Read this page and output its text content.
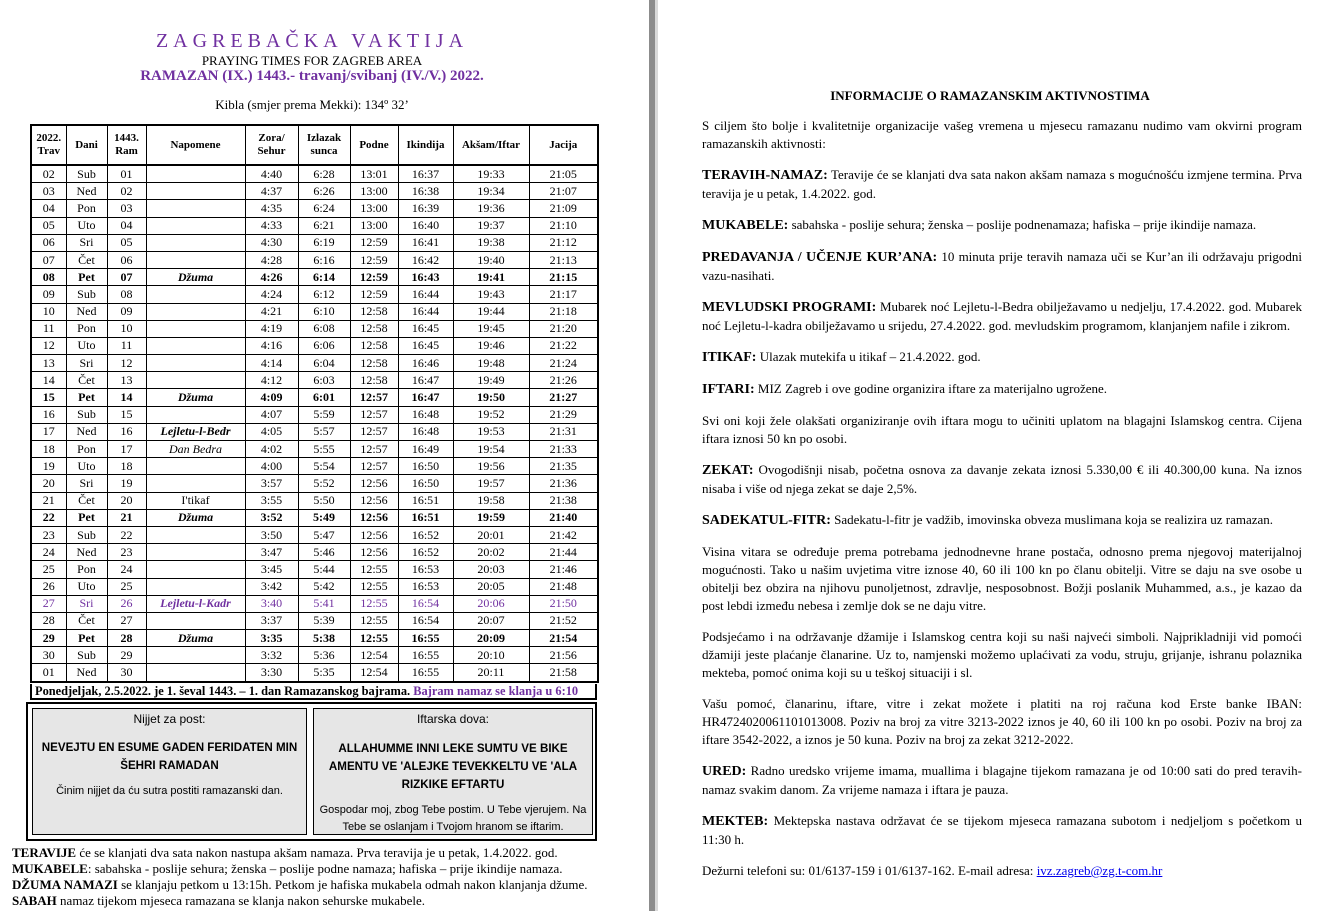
ZAGREBAČKA VAKTIJA
PRAYING TIMES FOR ZAGREB AREA
RAMAZAN (IX.) 1443.- travanj/svibanj (IV./V.) 2022.
Kibla (smjer prema Mekki): 134º 32’
2022. Trav	Dani	1443. Ram	Napomene	Zora/ Sehur	Izlazak sunca	Podne	Ikindija	Akšam/Iftar	Jacija
02	Sub	01		4:40	6:28	13:01	16:37	19:33	21:05
03	Ned	02		4:37	6:26	13:00	16:38	19:34	21:07
04	Pon	03		4:35	6:24	13:00	16:39	19:36	21:09
05	Uto	04		4:33	6:21	13:00	16:40	19:37	21:10
06	Sri	05		4:30	6:19	12:59	16:41	19:38	21:12
07	Čet	06		4:28	6:16	12:59	16:42	19:40	21:13
08	Pet	07	Džuma	4:26	6:14	12:59	16:43	19:41	21:15
09	Sub	08		4:24	6:12	12:59	16:44	19:43	21:17
10	Ned	09		4:21	6:10	12:58	16:44	19:44	21:18
11	Pon	10		4:19	6:08	12:58	16:45	19:45	21:20
12	Uto	11		4:16	6:06	12:58	16:45	19:46	21:22
13	Sri	12		4:14	6:04	12:58	16:46	19:48	21:24
14	Čet	13		4:12	6:03	12:58	16:47	19:49	21:26
15	Pet	14	Džuma	4:09	6:01	12:57	16:47	19:50	21:27
16	Sub	15		4:07	5:59	12:57	16:48	19:52	21:29
17	Ned	16	Lejletu-l-Bedr	4:05	5:57	12:57	16:48	19:53	21:31
18	Pon	17	Dan Bedra	4:02	5:55	12:57	16:49	19:54	21:33
19	Uto	18		4:00	5:54	12:57	16:50	19:56	21:35
20	Sri	19		3:57	5:52	12:56	16:50	19:57	21:36
21	Čet	20	I'tikaf	3:55	5:50	12:56	16:51	19:58	21:38
22	Pet	21	Džuma	3:52	5:49	12:56	16:51	19:59	21:40
23	Sub	22		3:50	5:47	12:56	16:52	20:01	21:42
24	Ned	23		3:47	5:46	12:56	16:52	20:02	21:44
25	Pon	24		3:45	5:44	12:55	16:53	20:03	21:46
26	Uto	25		3:42	5:42	12:55	16:53	20:05	21:48
27	Sri	26	Lejletu-l-Kadr	3:40	5:41	12:55	16:54	20:06	21:50
28	Čet	27		3:37	5:39	12:55	16:54	20:07	21:52
29	Pet	28	Džuma	3:35	5:38	12:55	16:55	20:09	21:54
30	Sub	29		3:32	5:36	12:54	16:55	20:10	21:56
01	Ned	30		3:30	5:35	12:54	16:55	20:11	21:58
Ponedjeljak, 2.5.2022. je 1. ševal 1443. – 1. dan Ramazanskog bajrama. Bajram namaz se klanja u 6:10
Nijjet za post:
NEVEJTU EN ESUME GADEN FERIDATEN MIN ŠEHRI RAMADAN
Činim nijjet da ću sutra postiti ramazanski dan.
Iftarska dova:
ALLAHUMME INNI LEKE SUMTU VE BIKE AMENTU VE 'ALEJKE TEVEKKELTU VE 'ALA RIZKIKE EFTARTU
Gospodar moj, zbog Tebe postim. U Tebe vjerujem. Na Tebe se oslanjam i Tvojom hranom se iftarim.

TERAVIJE će se klanjati dva sata nakon nastupa akšam namaza. Prva teravija je u petak, 1.4.2022. god.

MUKABELE: sabahska - poslije sehura; ženska – poslije podne namaza; hafiska – prije ikindije namaza.

DŽUMA NAMAZI se klanjaju petkom u 13:15h. Petkom je hafiska mukabela odmah nakon klanjanja džume.

SABAH namaz tijekom mjeseca ramazana se klanja nakon sehurske mukabele.

INFORMACIJE O RAMAZANSKIM AKTIVNOSTIMA

S ciljem što bolje i kvalitetnije organizacije vašeg vremena u mjesecu ramazanu nudimo vam okvirni program ramazanskih aktivnosti:

TERAVIH-NAMAZ: Teravije će se klanjati dva sata nakon akšam namaza s mogućnošću izmjene termina. Prva teravija je u petak, 1.4.2022. god.

MUKABELE: sabahska - poslije sehura; ženska – poslije podnenamaza; hafiska – prije ikindije namaza.

PREDAVANJA / UČENJE KUR’ANA: 10 minuta prije teravih namaza uči se Kur’an ili održavaju prigodni vazu-nasihati.

MEVLUDSKI PROGRAMI: Mubarek noć Lejletu-l-Bedra obilježavamo u nedjelju, 17.4.2022. god. Mubarek noć Lejletu-l-kadra obilježavamo u srijedu, 27.4.2022. god. mevludskim programom, klanjanjem nafile i zikrom.

ITIKAF: Ulazak mutekifa u itikaf – 21.4.2022. god.

IFTARI: MIZ Zagreb i ove godine organizira iftare za materijalno ugrožene.

Svi oni koji žele olakšati organiziranje ovih iftara mogu to učiniti uplatom na blagajni Islamskog centra. Cijena iftara iznosi 50 kn po osobi.

ZEKAT: Ovogodišnji nisab, početna osnova za davanje zekata iznosi 5.330,00 € ili 40.300,00 kuna. Na iznos nisaba i više od njega zekat se daje 2,5%.

SADEKATUL-FITR: Sadekatu-l-fitr je vadžib, imovinska obveza muslimana koja se realizira uz ramazan.

Visina vitara se određuje prema potrebama jednodnevne hrane postača, odnosno prema njegovoj materijalnoj mogućnosti. Tako u našim uvjetima vitre iznose 40, 60 ili 100 kn po članu obitelji. Vitre se daju na sve osobe u obitelji bez obzira na njihovu punoljetnost, zdravlje, nesposobnost. Božji poslanik Muhammed, a.s., je kazao da post lebdi između nebesa i zemlje dok se ne daju vitre.

Podsjećamo i na održavanje džamije i Islamskog centra koji su naši najveći simboli. Najprikladniji vid pomoći džamiji jeste plaćanje članarine. Uz to, namjenski možemo uplaćivati za vodu, struju, grijanje, ishranu polaznika mekteba, pomoć onima koji su u teškoj situaciji i sl.

Vašu pomoć, članarinu, iftare, vitre i zekat možete i platiti na roj računa kod Erste banke IBAN: HR4724020061101013008. Poziv na broj za vitre 3213-2022 iznos je 40, 60 ili 100 kn po osobi. Poziv na broj za iftare 3542-2022, a iznos je 50 kuna. Poziv na broj za zekat 3212-2022.

URED: Radno uredsko vrijeme imama, muallima i blagajne tijekom ramazana je od 10:00 sati do pred teravih-namaz svakim danom. Za vrijeme namaza i iftara je pauza.

MEKTEB: Mektepska nastava održavat će se tijekom mjeseca ramazana subotom i nedjeljom s početkom u 11:30 h.

Dežurni telefoni su: 01/6137-159 i 01/6137-162. E-mail adresa: ivz.zagreb@zg.t-com.hr
